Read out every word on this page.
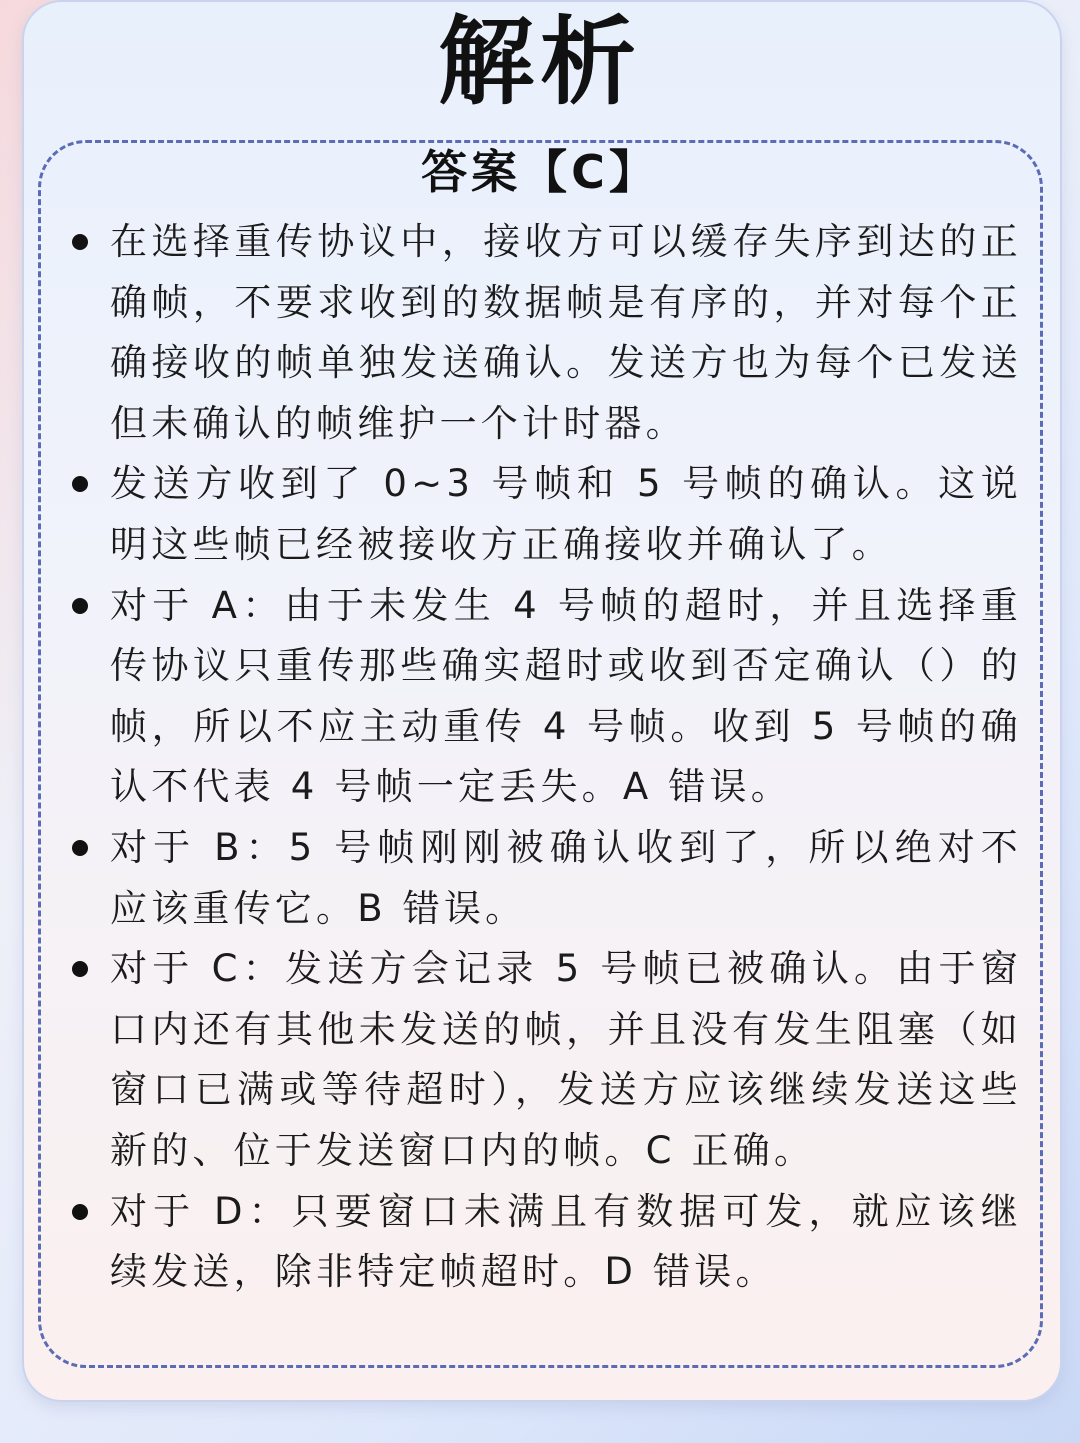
解析
答案【C】
在选择重传协议中，接收方可以缓存失序到达的正确帧，不要求收到的数据帧是有序的，并对每个正确接收的帧单独发送确认。发送方也为每个已发送但未确认的帧维护一个计时器。
发送方收到了 0~3 号帧和 5 号帧的确认。这说明这些帧已经被接收方正确接收并确认了。
对于 A：由于未发生 4 号帧的超时，并且选择重传协议只重传那些确实超时或收到否定确认（）的帧，所以不应主动重传 4 号帧。收到 5 号帧的确认不代表 4 号帧一定丢失。A 错误。
对于 B：5 号帧刚刚被确认收到了，所以绝对不应该重传它。B 错误。
对于 C：发送方会记录 5 号帧已被确认。由于窗口内还有其他未发送的帧，并且没有发生阻塞（如窗口已满或等待超时），发送方应该继续发送这些新的、位于发送窗口内的帧。C 正确。
对于 D：只要窗口未满且有数据可发，就应该继续发送，除非特定帧超时。D 错误。
